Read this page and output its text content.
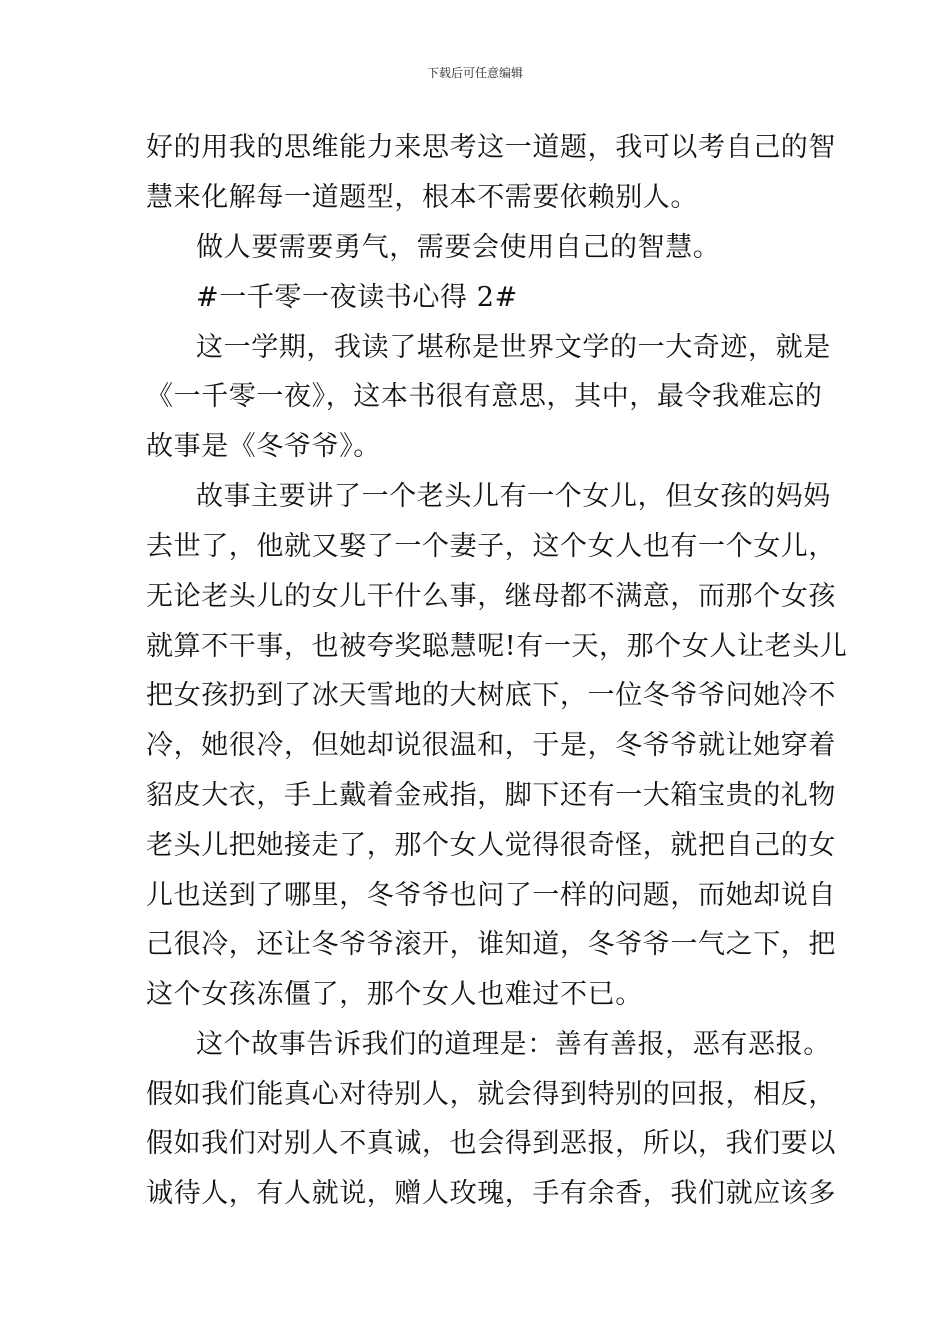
下载后可任意编辑
好的用我的思维能力来思考这一道题，我可以考自己的智
慧来化解每一道题型，根本不需要依赖别人。
做人要需要勇气，需要会使用自己的智慧。
#一千零一夜读书心得 2#
这一学期，我读了堪称是世界文学的一大奇迹，就是
《一千零一夜》，这本书很有意思，其中，最令我难忘的
故事是《冬爷爷》。
故事主要讲了一个老头儿有一个女儿，但女孩的妈妈
去世了，他就又娶了一个妻子，这个女人也有一个女儿，
无论老头儿的女儿干什么事，继母都不满意，而那个女孩
就算不干事，也被夸奖聪慧呢!有一天，那个女人让老头儿
把女孩扔到了冰天雪地的大树底下，一位冬爷爷问她冷不
冷，她很冷，但她却说很温和，于是，冬爷爷就让她穿着
貂皮大衣，手上戴着金戒指，脚下还有一大箱宝贵的礼物
老头儿把她接走了，那个女人觉得很奇怪，就把自己的女
儿也送到了哪里，冬爷爷也问了一样的问题，而她却说自
己很冷，还让冬爷爷滚开，谁知道，冬爷爷一气之下，把
这个女孩冻僵了，那个女人也难过不已。
这个故事告诉我们的道理是：善有善报，恶有恶报。
假如我们能真心对待别人，就会得到特别的回报，相反，
假如我们对别人不真诚，也会得到恶报，所以，我们要以
诚待人，有人就说，赠人玫瑰，手有余香，我们就应该多
